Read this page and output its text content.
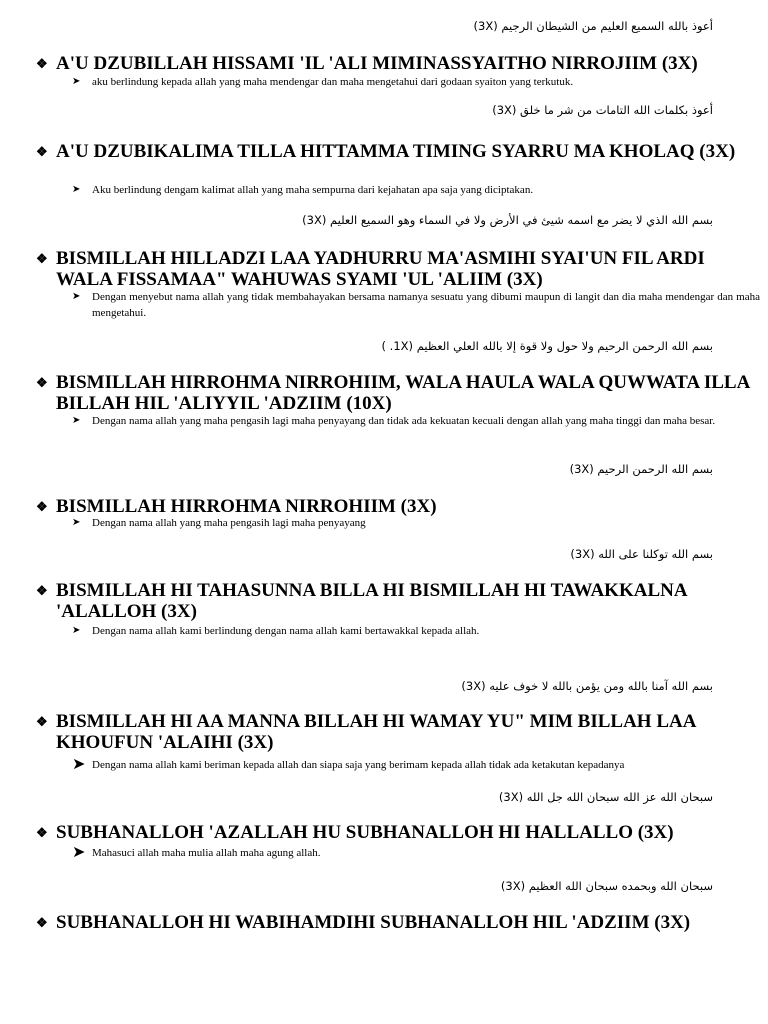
أعوذ بالله السميع العليم من الشيطان الرجيم (3X)
❖ A'U DZUBILLAH HISSAMI 'IL 'ALI MIMINASSYAITHO NIRROJIIM (3X)
➤	aku berlindung kepada allah yang maha mendengar dan maha mengetahui dari godaan syaiton yang terkutuk.
أعوذ بكلمات الله التامات من شر ما خلق (3X)
❖ A'U DZUBIKALIMA TILLA HITTAMMA TIMING SYARRU MA KHOLAQ (3X)
➤	Aku berlindung dengam kalimat allah yang maha sempurna dari kejahatan apa saja yang diciptakan.
بسم الله الذي لا يضر مع اسمه شيئ في الأرض ولا في السماء وهو السميع العليم (3X)
❖ BISMILLAH HILLADZI LAA YADHURRU MA'ASMIHI SYAI'UN FIL ARDI WALA FISSAMAA" WAHUWAS SYAMI 'UL 'ALIIM (3X)
➤	Dengan menyebut nama allah yang tidak membahayakan bersama namanya sesuatu yang dibumi maupun di langit dan dia maha mendengar dan maha mengetahui.
بسم الله الرحمن الرحيم ولا حول ولا قوة إلا بالله العلي العظيم (1X. )
❖ BISMILLAH HIRROHMA NIRROHIIM, WALA HAULA WALA QUWWATA ILLA BILLAH HIL 'ALIYYIL 'ADZIIM (10X)
➤	Dengan nama allah yang maha pengasih lagi maha penyayang dan tidak ada kekuatan kecuali dengan allah yang maha tinggi dan maha besar.
بسم الله الرحمن الرحيم (3X)
❖ BISMILLAH HIRROHMA NIRROHIIM (3X)
➤	Dengan nama allah yang maha pengasih lagi maha penyayang
بسم الله توكلنا على الله (3X)
❖ BISMILLAH HI TAHASUNNA BILLA HI BISMILLAH HI TAWAKKALNA 'ALALLOH (3X)
➤	Dengan nama allah kami berlindung dengan nama allah kami bertawakkal kepada allah.
بسم الله آمنا بالله ومن يؤمن بالله لا خوف عليه (3X)
❖ BISMILLAH HI AA MANNA BILLAH HI WAMAY YU" MIM BILLAH LAA KHOUFUN 'ALAIHI (3X)
➤ Dengan nama allah kami beriman kepada allah dan siapa saja yang berimam kepada allah tidak ada ketakutan kepadanya
سبحان الله عز الله سبحان الله جل الله (3X)
❖ SUBHANALLOH 'AZALLAH HU SUBHANALLOH HI HALLALLO (3X)
➤ Mahasuci allah maha mulia allah maha agung allah.
سبحان الله وبحمده سبحان الله العظيم (3X)
❖ SUBHANALLOH HI WABIHAMDIHI SUBHANALLOH HIL 'ADZIIM (3X)
